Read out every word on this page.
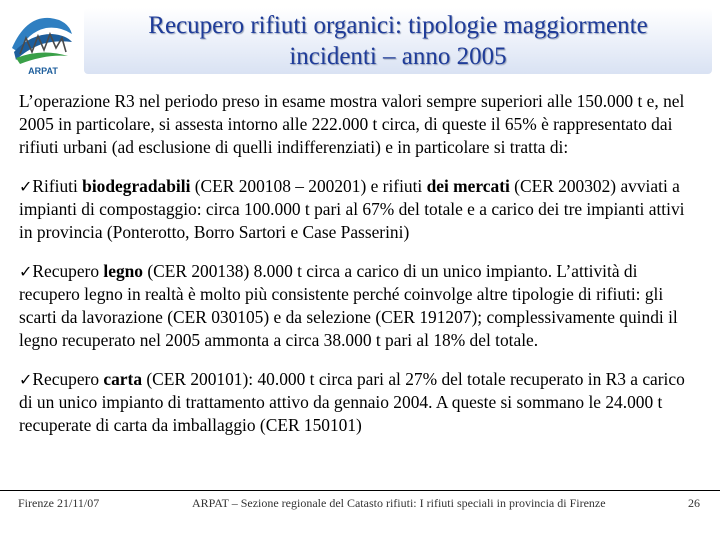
ARPAT
Recupero rifiuti organici: tipologie maggiormente
incidenti – anno 2005

L’operazione R3 nel periodo preso in esame mostra valori sempre superiori alle 150.000 t e, nel 2005 in particolare, si assesta intorno alle 222.000 t circa, di queste il 65% è rappresentato dai rifiuti urbani (ad esclusione di quelli indifferenziati) e in particolare si tratta di:

✓Rifiuti biodegradabili (CER 200108 – 200201) e rifiuti dei mercati (CER 200302) avviati a impianti di compostaggio: circa 100.000 t pari al 67% del totale e a carico dei tre impianti attivi in provincia (Ponterotto, Borro Sartori e Case Passerini)

✓Recupero legno (CER 200138) 8.000 t circa a carico di un unico impianto. L’attività di recupero legno in realtà è molto più consistente perché coinvolge altre tipologie di rifiuti: gli scarti da lavorazione (CER 030105) e da selezione (CER 191207); complessivamente quindi il legno recuperato nel 2005 ammonta a circa 38.000 t pari al 18% del totale.

✓Recupero carta (CER 200101): 40.000 t circa pari al 27% del totale recuperato in R3 a carico di un unico impianto di trattamento attivo da gennaio 2004. A queste si sommano le 24.000 t recuperate di carta da imballaggio (CER 150101)

Firenze 21/11/07	ARPAT – Sezione regionale del Catasto rifiuti: I rifiuti speciali in provincia di Firenze	26
